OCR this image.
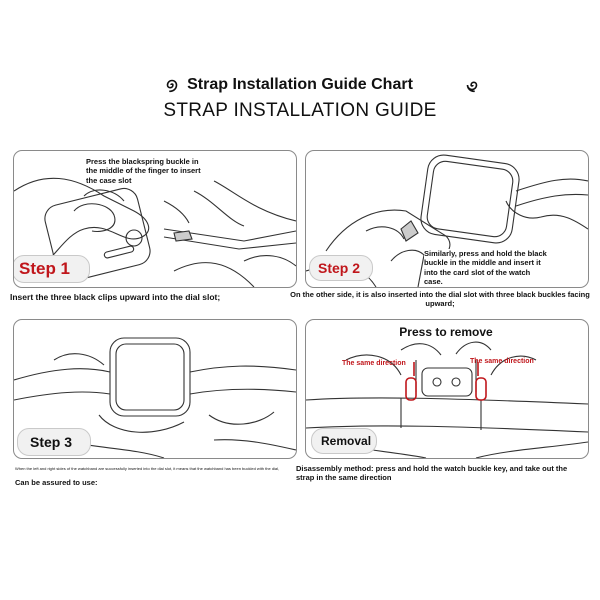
Strap Installation Guide Chart
STRAP INSTALLATION GUIDE
Press the blackspring buckle in the middle of the finger to insert the case slot
Step 1
Insert the three black clips upward into the dial slot;
Step 2
Similarly, press and hold the black buckle in the middle and insert it into the card slot of the watch case.
On the other side, it is also inserted into the dial slot with three black buckles facing upward;
Step 3
When the left and right sides of the watchband are successfully inserted into the dial slot, it means that the watchband has been buckled with the dial,
Can be assured to use:
Press to remove
The same direction	The same direction
Removal
Disassembly method: press and hold the watch buckle key, and take out the strap in the same direction
